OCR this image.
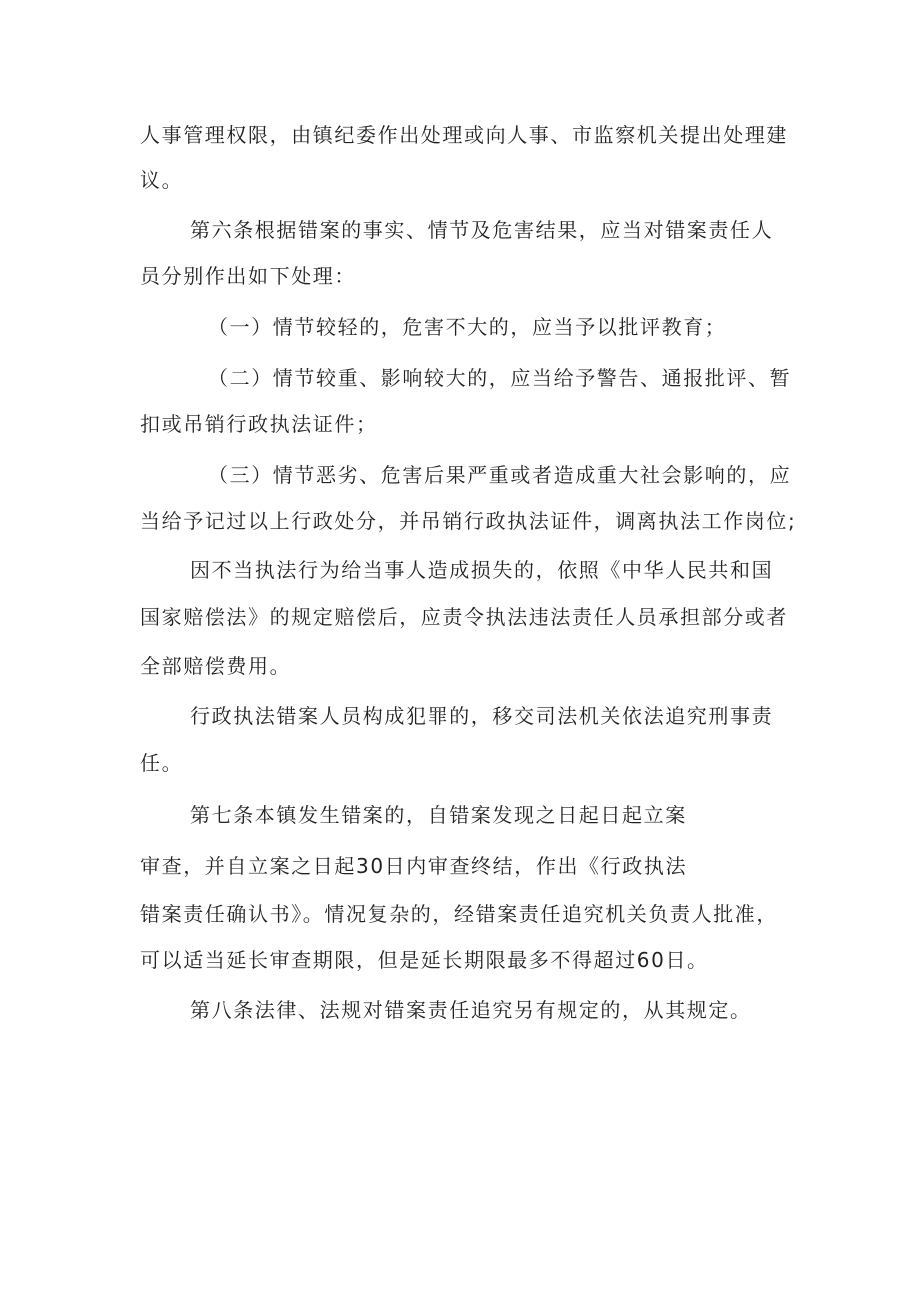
人事管理权限，由镇纪委作出处理或向人事、市监察机关提出处理建

议。

第六条根据错案的事实、情节及危害结果，应当对错案责任人

员分别作出如下处理：

（一）情节较轻的，危害不大的，应当予以批评教育；

（二）情节较重、影响较大的，应当给予警告、通报批评、暂

扣或吊销行政执法证件；

（三）情节恶劣、危害后果严重或者造成重大社会影响的，应

当给予记过以上行政处分，并吊销行政执法证件，调离执法工作岗位;

因不当执法行为给当事人造成损失的，依照《中华人民共和国

国家赔偿法》的规定赔偿后，应责令执法违法责任人员承担部分或者

全部赔偿费用。

行政执法错案人员构成犯罪的，移交司法机关依法追究刑事责

任。

第七条本镇发生错案的，自错案发现之日起日起立案

审查，并自立案之日起30日内审查终结，作出《行政执法

错案责任确认书》。情况复杂的，经错案责任追究机关负责人批准，

可以适当延长审查期限，但是延长期限最多不得超过60日。

第八条法律、法规对错案责任追究另有规定的，从其规定。
